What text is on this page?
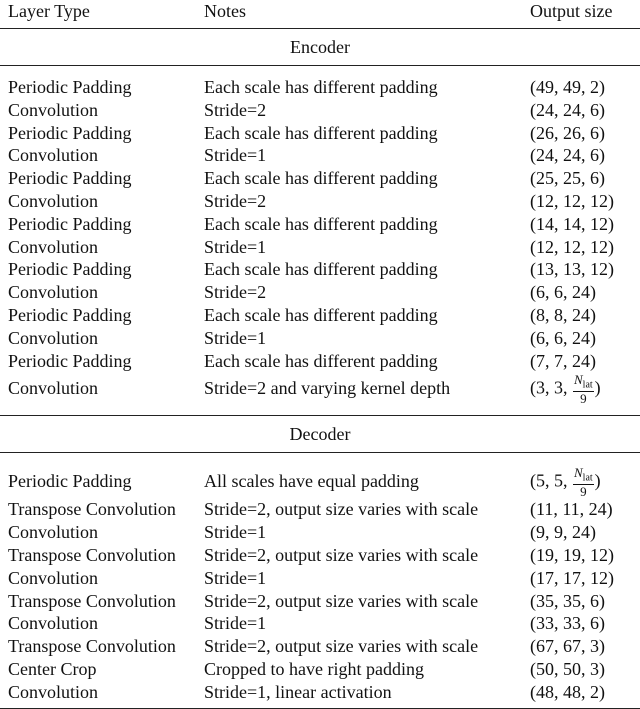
Layer Type	Notes	Output size
Encoder		

Periodic Padding	Each scale has different padding	(49, 49, 2)
Convolution	Stride=2	(24, 24, 6)
Periodic Padding	Each scale has different padding	(26, 26, 6)
Convolution	Stride=1	(24, 24, 6)
Periodic Padding	Each scale has different padding	(25, 25, 6)
Convolution	Stride=2	(12, 12, 12)
Periodic Padding	Each scale has different padding	(14, 14, 12)
Convolution	Stride=1	(12, 12, 12)
Periodic Padding	Each scale has different padding	(13, 13, 12)
Convolution	Stride=2	(6, 6, 24)
Periodic Padding	Each scale has different padding	(8, 8, 24)
Convolution	Stride=1	(6, 6, 24)
Periodic Padding	Each scale has different padding	(7, 7, 24)
Convolution	Stride=2 and varying kernel depth	(3, 3, $\frac{N_{lat}}{9}$ )

Decoder		

Periodic Padding	All scales have equal padding	(5, 5, $\frac{N_{lat}}{9}$ )
Transpose Convolution	Stride=2, output size varies with scale	(11, 11, 24)
Convolution	Stride=1	(9, 9, 24)
Transpose Convolution	Stride=2, output size varies with scale	(19, 19, 12)
Convolution	Stride=1	(17, 17, 12)
Transpose Convolution	Stride=2, output size varies with scale	(35, 35, 6)
Convolution	Stride=1	(33, 33, 6)
Transpose Convolution	Stride=2, output size varies with scale	(67, 67, 3)
Center Crop	Cropped to have right padding	(50, 50, 3)
Convolution	Stride=1, linear activation	(48, 48, 2)
